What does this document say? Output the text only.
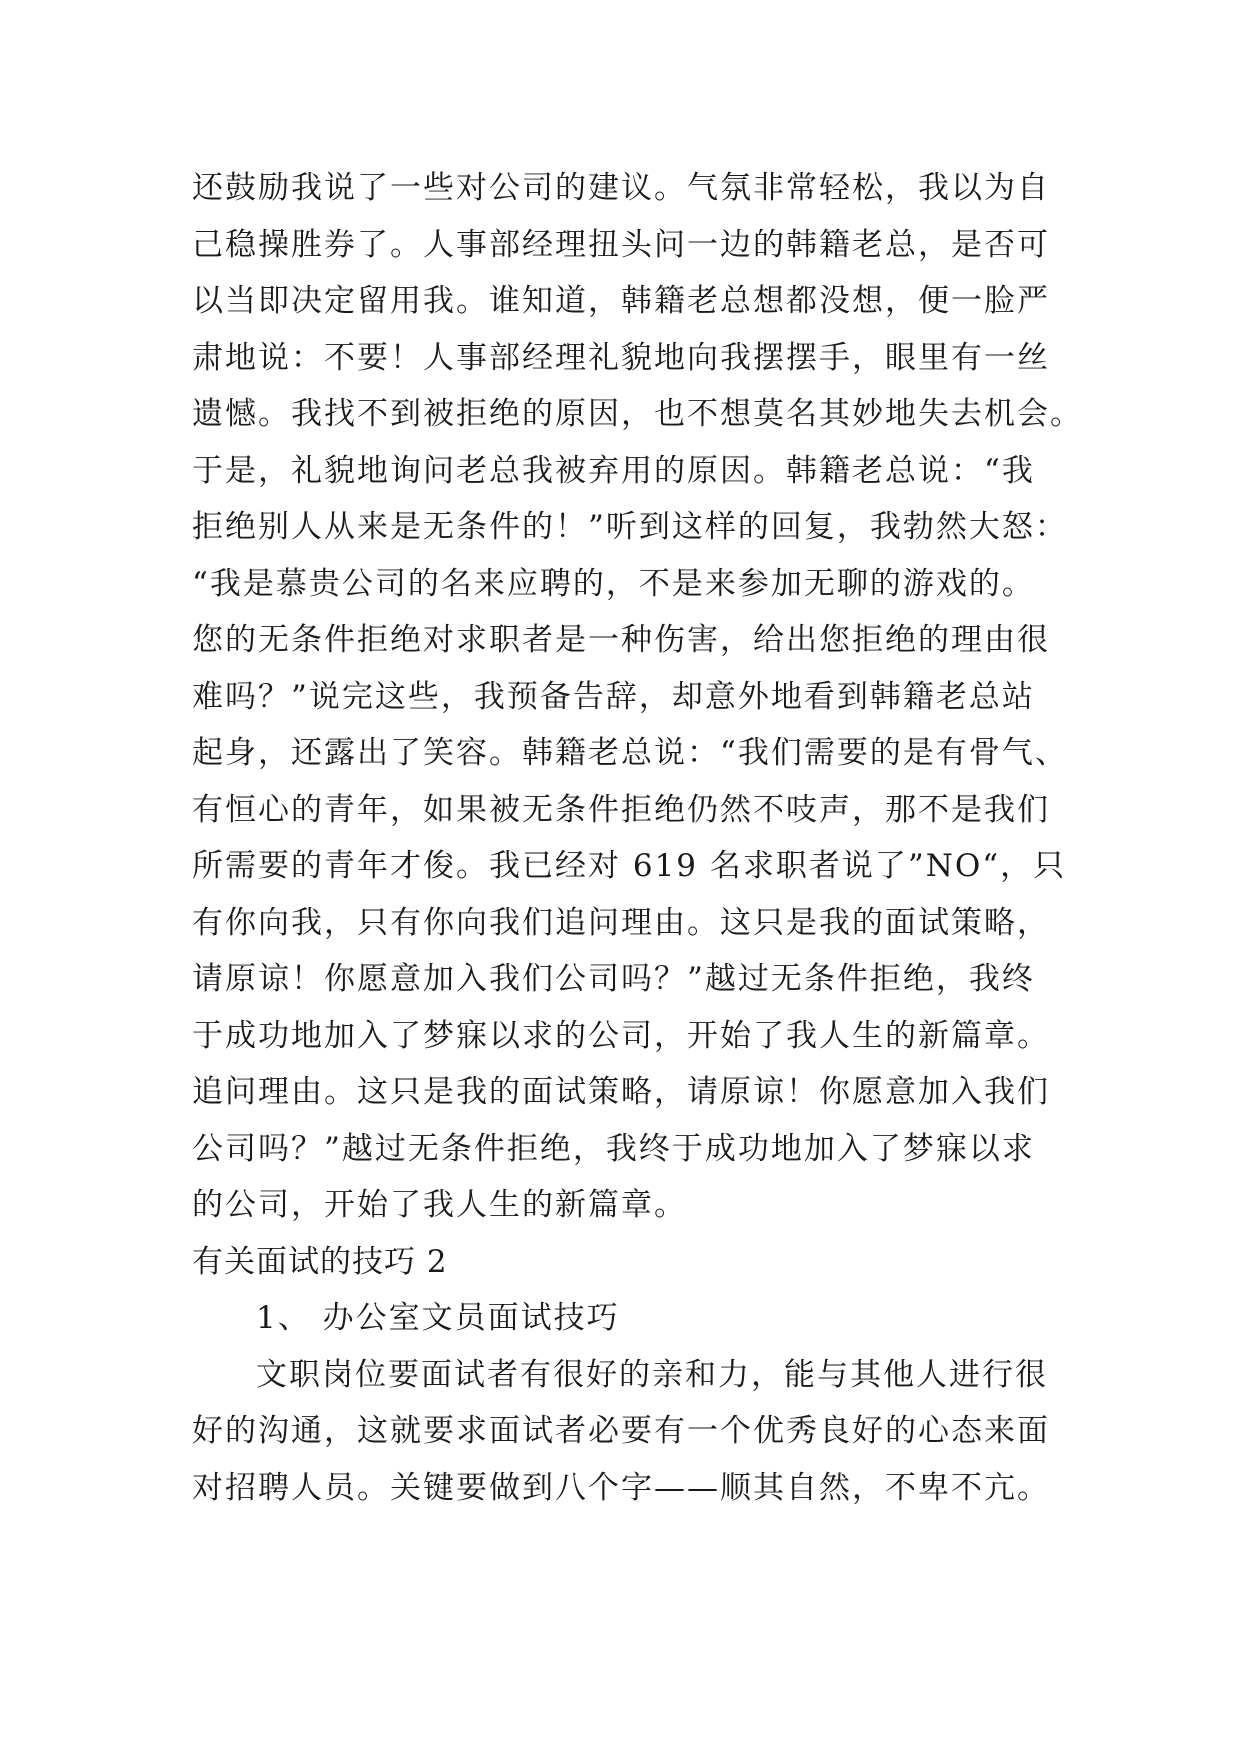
还鼓励我说了一些对公司的建议。气氛非常轻松，我以为自
己稳操胜券了。人事部经理扭头问一边的韩籍老总，是否可
以当即决定留用我。谁知道，韩籍老总想都没想，便一脸严
肃地说：不要！人事部经理礼貌地向我摆摆手，眼里有一丝
遗憾。我找不到被拒绝的原因，也不想莫名其妙地失去机会。
于是，礼貌地询问老总我被弃用的原因。韩籍老总说：“我
拒绝别人从来是无条件的！”听到这样的回复，我勃然大怒：
“我是慕贵公司的名来应聘的，不是来参加无聊的游戏的。
您的无条件拒绝对求职者是一种伤害，给出您拒绝的理由很
难吗？”说完这些，我预备告辞，却意外地看到韩籍老总站
起身，还露出了笑容。韩籍老总说：“我们需要的是有骨气、
有恒心的青年，如果被无条件拒绝仍然不吱声，那不是我们
所需要的青年才俊。我已经对 619 名求职者说了”NO“，只
有你向我，只有你向我们追问理由。这只是我的面试策略，
请原谅！你愿意加入我们公司吗？”越过无条件拒绝，我终
于成功地加入了梦寐以求的公司，开始了我人生的新篇章。
追问理由。这只是我的面试策略，请原谅！你愿意加入我们
公司吗？”越过无条件拒绝，我终于成功地加入了梦寐以求
的公司，开始了我人生的新篇章。
有关面试的技巧 2
1、 办公室文员面试技巧
文职岗位要面试者有很好的亲和力，能与其他人进行很
好的沟通，这就要求面试者必要有一个优秀良好的心态来面
对招聘人员。关键要做到八个字——顺其自然，不卑不亢。
